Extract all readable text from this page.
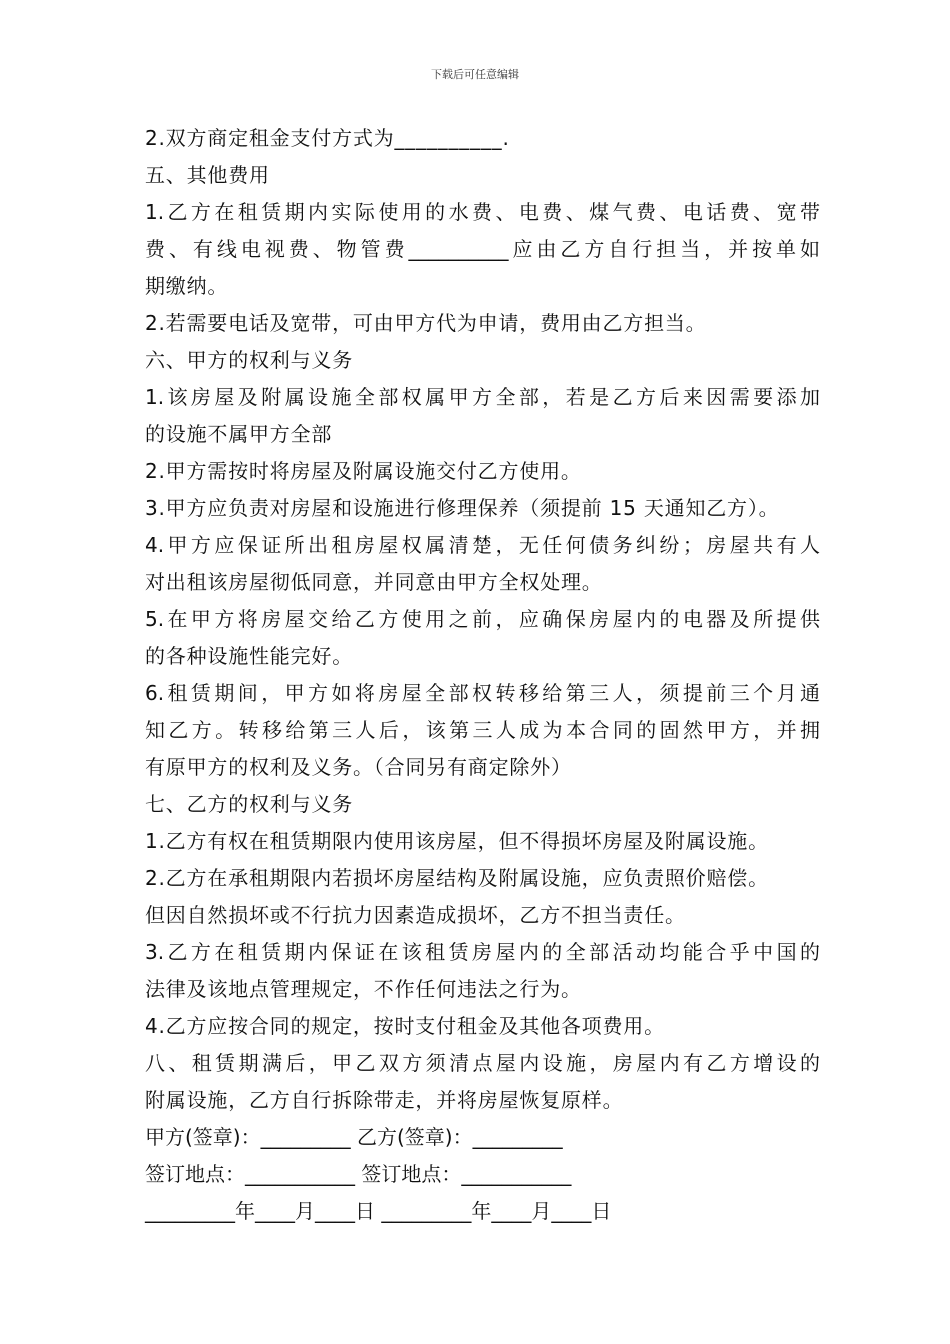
下载后可任意编辑
2.双方商定租金支付方式为__________.
五、其他费用
1.乙方在租赁期内实际使用的水费、电费、煤气费、电话费、宽带
费、有线电视费、物管费__________应由乙方自行担当，并按单如
期缴纳。
2.若需要电话及宽带，可由甲方代为申请，费用由乙方担当。
六、甲方的权利与义务
1.该房屋及附属设施全部权属甲方全部，若是乙方后来因需要添加
的设施不属甲方全部
2.甲方需按时将房屋及附属设施交付乙方使用。
3.甲方应负责对房屋和设施进行修理保养（须提前 15 天通知乙方）。
4.甲方应保证所出租房屋权属清楚，无任何债务纠纷；房屋共有人
对出租该房屋彻低同意，并同意由甲方全权处理。
5.在甲方将房屋交给乙方使用之前，应确保房屋内的电器及所提供
的各种设施性能完好。
6.租赁期间，甲方如将房屋全部权转移给第三人，须提前三个月通
知乙方。转移给第三人后，该第三人成为本合同的固然甲方，并拥
有原甲方的权利及义务。（合同另有商定除外）
七、乙方的权利与义务
1.乙方有权在租赁期限内使用该房屋，但不得损坏房屋及附属设施。
2.乙方在承租期限内若损坏房屋结构及附属设施，应负责照价赔偿。
但因自然损坏或不行抗力因素造成损坏，乙方不担当责任。
3.乙方在租赁期内保证在该租赁房屋内的全部活动均能合乎中国的
法律及该地点管理规定，不作任何违法之行为。
4.乙方应按合同的规定，按时支付租金及其他各项费用。
八、租赁期满后，甲乙双方须清点屋内设施，房屋内有乙方增设的
附属设施，乙方自行拆除带走，并将房屋恢复原样。
甲方(签章)：_________ 乙方(签章)：_________
签订地点：___________ 签订地点：___________
_________年____月____日 _________年____月____日
